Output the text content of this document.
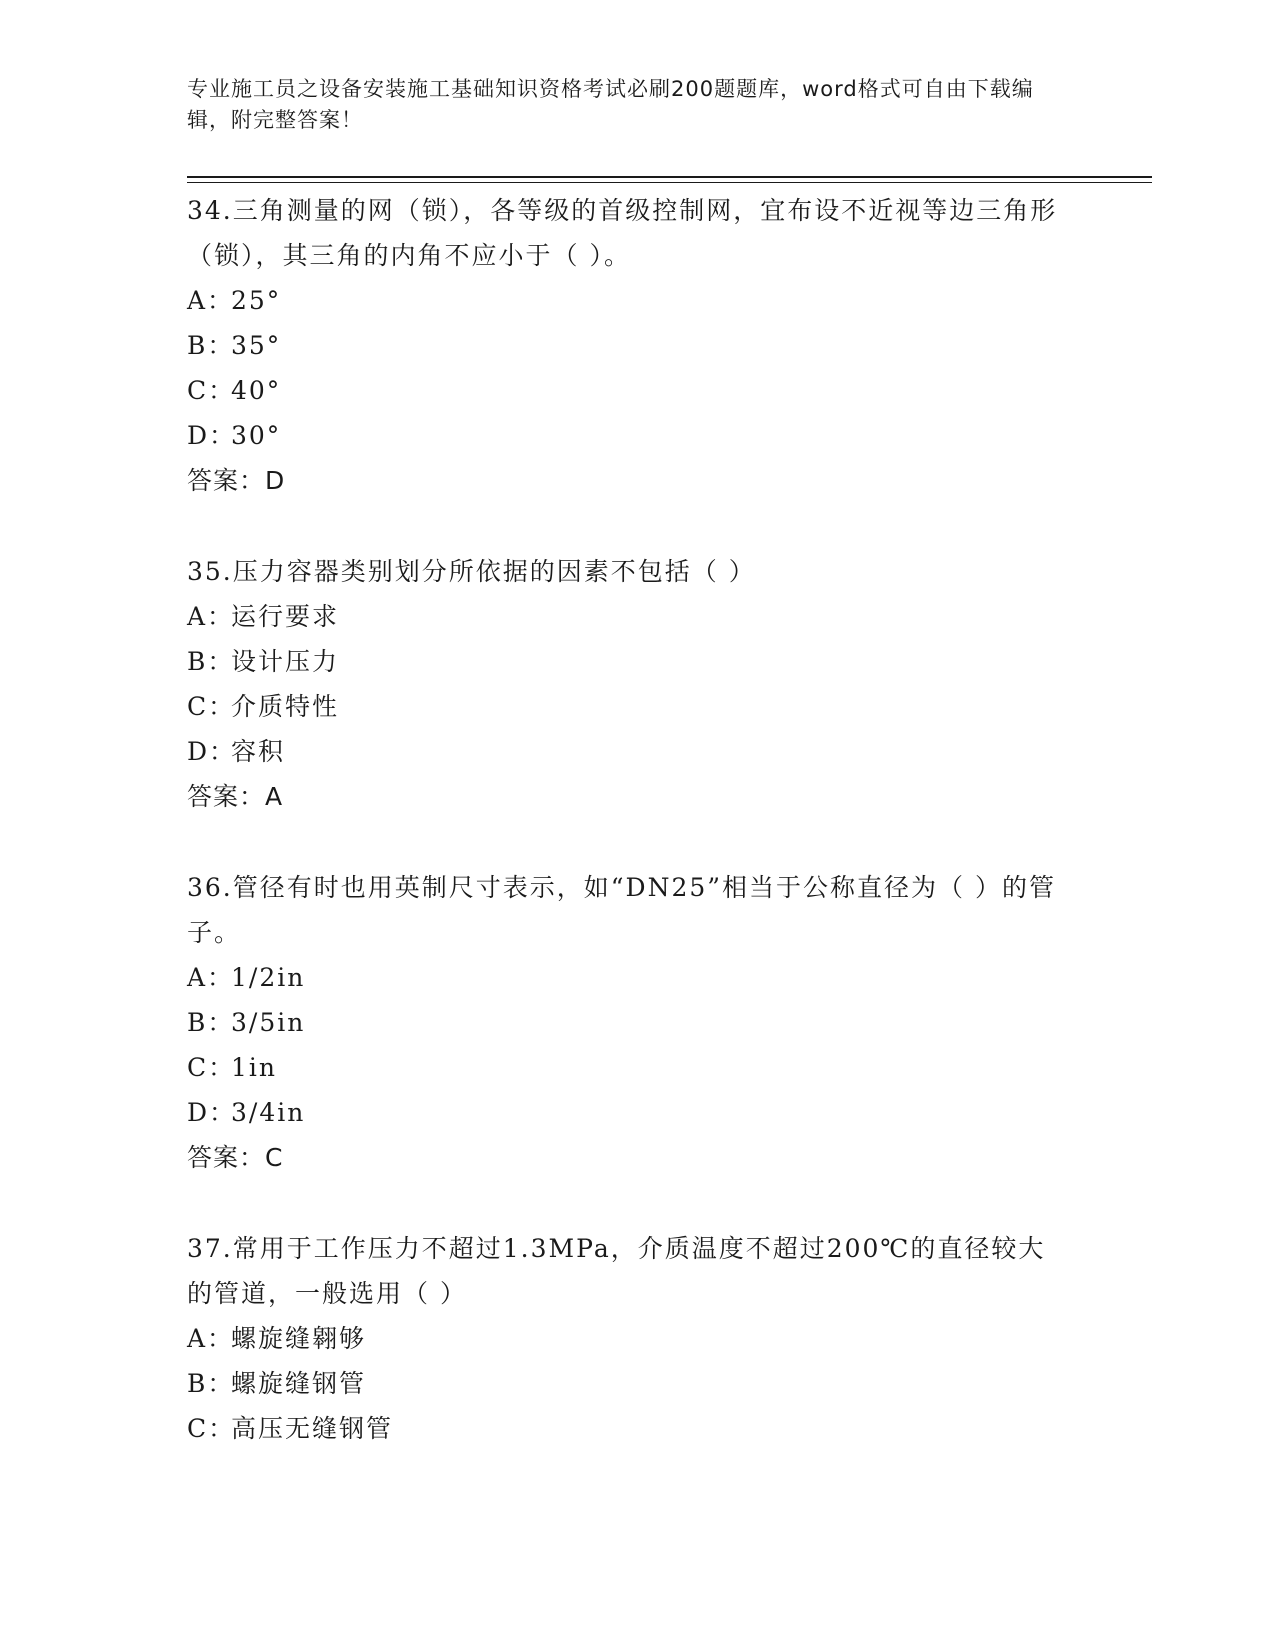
专业施工员之设备安装施工基础知识资格考试必刷200题题库，word格式可自由下载编辑，附完整答案！
34.三角测量的网（锁），各等级的首级控制网，宜布设不近视等边三角形（锁），其三角的内角不应小于（ ）。
A：25°
B：35°
C：40°
D：30°
答案：D
35.压力容器类别划分所依据的因素不包括（ ）
A：运行要求
B：设计压力
C：介质特性
D：容积
答案：A
36.管径有时也用英制尺寸表示，如“DN25”相当于公称直径为（ ）的管子。
A：1/2in
B：3/5in
C：1in
D：3/4in
答案：C
37.常用于工作压力不超过1.3MPa，介质温度不超过200℃的直径较大的管道，一般选用（ ）
A：螺旋缝翱够
B：螺旋缝钢管
C：高压无缝钢管
